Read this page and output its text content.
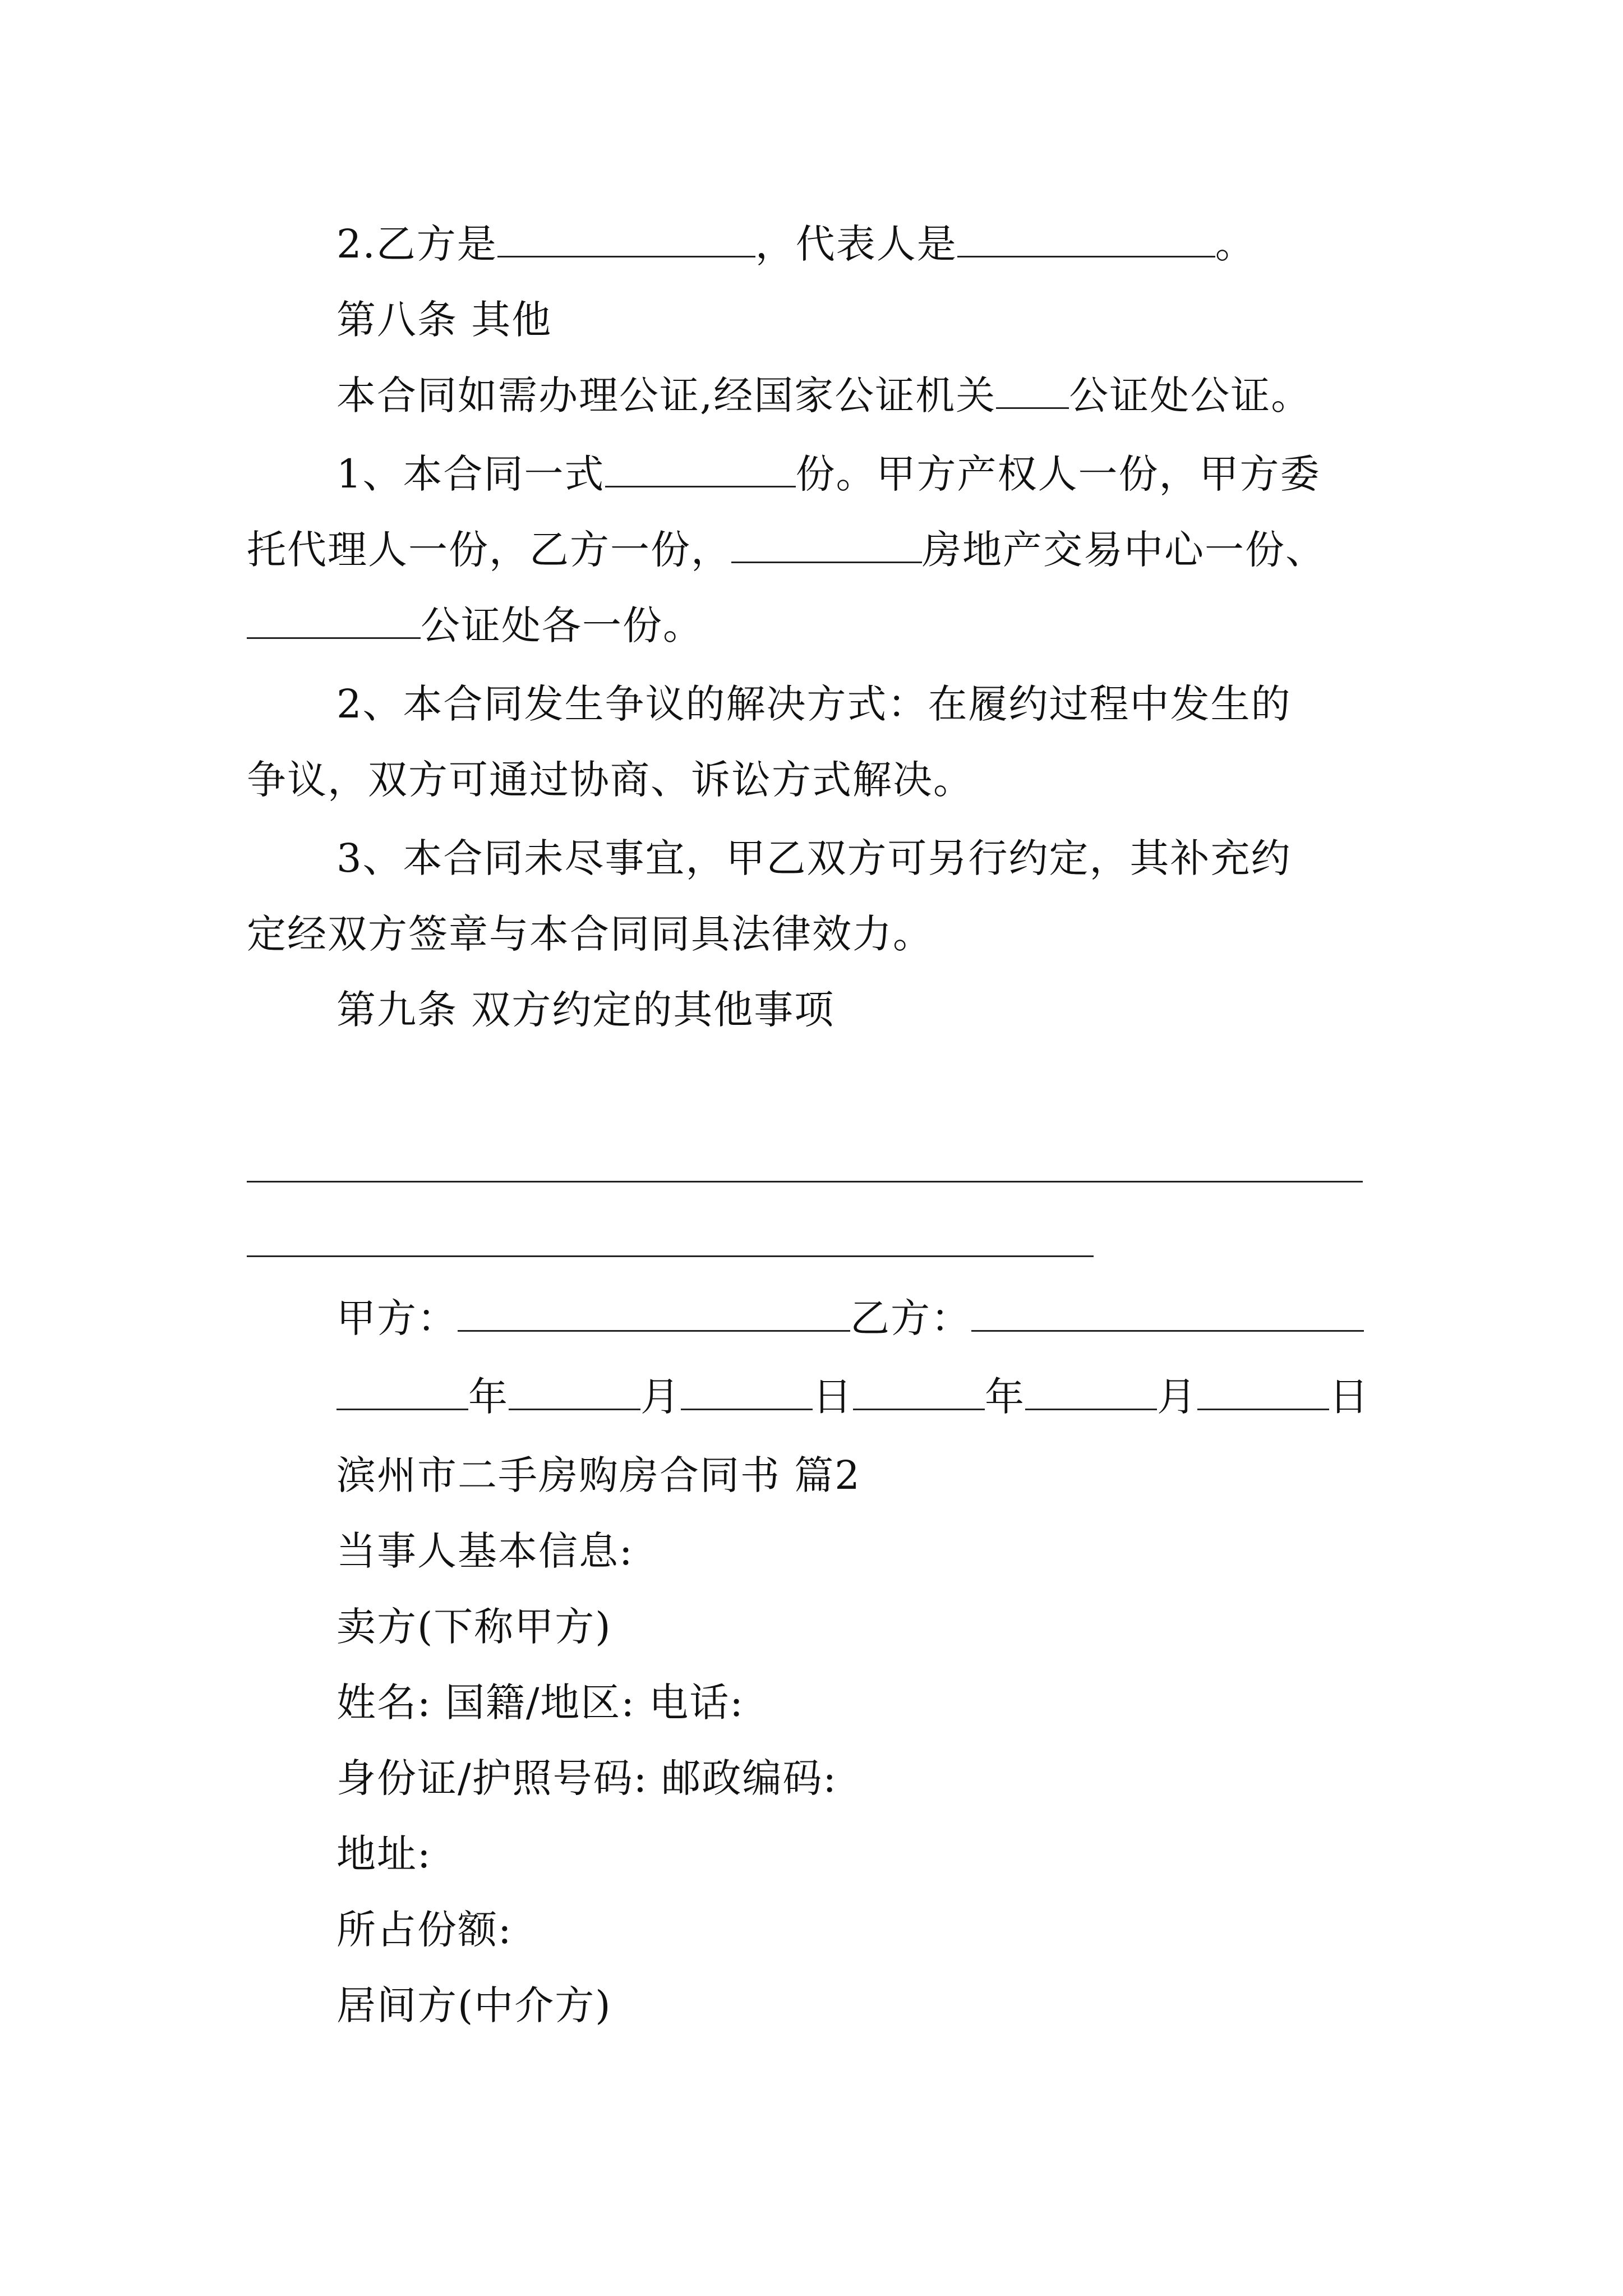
2.乙方是	，代表人是	。
第八条 其他
本合同如需办理公证,经国家公证机关 公证处公证。
1、本合同一式	份。甲方产权人一份，甲方委
托代理人一份，乙方一份，	房地产交易中心一份、
公证处各一份。
2、本合同发生争议的解决方式：在履约过程中发生的
争议，双方可通过协商、诉讼方式解决。
3、本合同未尽事宜，甲乙双方可另行约定，其补充约
定经双方签章与本合同同具法律效力。
第九条 双方约定的其他事项
甲方：	乙方：
年	月	日	年	月	日
滨州市二手房购房合同书 篇2
当事人基本信息:
卖方(下称甲方)
姓名: 国籍/地区: 电话:
身份证/护照号码: 邮政编码:
地址:
所占份额:
居间方(中介方)
